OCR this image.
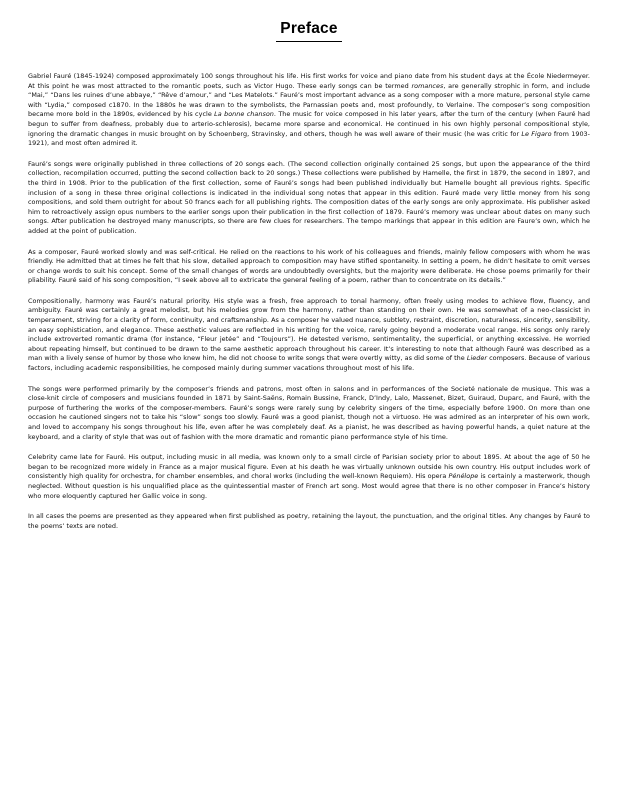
Preface

Gabriel Fauré (1845-1924) composed approximately 100 songs throughout his life. His first works for voice and piano date from his student days at the École Niedermeyer. At this point he was most attracted to the romantic poets, such as Victor Hugo. These early songs can be termed romances, are generally strophic in form, and include “Mai,” “Dans les ruines d’une abbaye,” “Rêve d’amour,” and “Les Matelots.” Fauré’s most important advance as a song composer with a more mature, personal style came with “Lydia,” composed c1870. In the 1880s he was drawn to the symbolists, the Parnassian poets and, most profoundly, to Verlaine. The composer’s song composition became more bold in the 1890s, evidenced by his cycle La bonne chanson. The music for voice composed in his later years, after the turn of the century (when Fauré had begun to suffer from deafness, probably due to arterio-schlerosis), became more sparse and economical. He continued in his own highly personal compositional style, ignoring the dramatic changes in music brought on by Schoenberg, Stravinsky, and others, though he was well aware of their music (he was critic for Le Figaro from 1903-1921), and most often admired it.

Fauré’s songs were originally published in three collections of 20 songs each. (The second collection originally contained 25 songs, but upon the appearance of the third collection, recompilation occurred, putting the second collection back to 20 songs.) These collections were published by Hamelle, the first in 1879, the second in 1897, and the third in 1908. Prior to the publication of the first collection, some of Fauré’s songs had been published individually but Hamelle bought all previous rights. Specific inclusion of a song in these three original collections is indicated in the individual song notes that appear in this edition. Fauré made very little money from his song compositions, and sold them outright for about 50 francs each for all publishing rights. The composition dates of the early songs are only approximate. His publisher asked him to retroactively assign opus numbers to the earlier songs upon their publication in the first collection of 1879. Fauré’s memory was unclear about dates on many such songs. After publication he destroyed many manuscripts, so there are few clues for researchers. The tempo markings that appear in this edition are Faure’s own, which he added at the point of publication.

As a composer, Fauré worked slowly and was self-critical. He relied on the reactions to his work of his colleagues and friends, mainly fellow composers with whom he was friendly. He admitted that at times he felt that his slow, detailed approach to composition may have stifled spontaneity. In setting a poem, he didn’t hesitate to omit verses or change words to suit his concept. Some of the small changes of words are undoubtedly oversights, but the majority were deliberate. He chose poems primarily for their pliability. Fauré said of his song composition, “I seek above all to extricate the general feeling of a poem, rather than to concentrate on its details.”

Compositionally, harmony was Fauré’s natural priority. His style was a fresh, free approach to tonal harmony, often freely using modes to achieve flow, fluency, and ambiguity. Fauré was certainly a great melodist, but his melodies grow from the harmony, rather than standing on their own. He was somewhat of a neo-classicist in temperament, striving for a clarity of form, continuity, and craftsmanship. As a composer he valued nuance, subtlety, restraint, discretion, naturalness, sincerity, sensibility, an easy sophistication, and elegance. These aesthetic values are reflected in his writing for the voice, rarely going beyond a moderate vocal range. His songs only rarely include extroverted romantic drama (for instance, “Fleur jetée” and “Toujours”). He detested verismo, sentimentality, the superficial, or anything excessive. He worried about repeating himself, but continued to be drawn to the same aesthetic approach throughout his career. It’s interesting to note that although Fauré was described as a man with a lively sense of humor by those who knew him, he did not choose to write songs that were overtly witty, as did some of the Lieder composers. Because of various factors, including academic responsibilities, he composed mainly during summer vacations throughout most of his life.

The songs were performed primarily by the composer’s friends and patrons, most often in salons and in performances of the Societé nationale de musique. This was a close-knit circle of composers and musicians founded in 1871 by Saint-Saëns, Romain Bussine, Franck, D’Indy, Lalo, Massenet, Bizet, Guiraud, Duparc, and Fauré, with the purpose of furthering the works of the composer-members. Fauré’s songs were rarely sung by celebrity singers of the time, especially before 1900. On more than one occasion he cautioned singers not to take his “slow” songs too slowly. Fauré was a good pianist, though not a virtuoso. He was admired as an interpreter of his own work, and loved to accompany his songs throughout his life, even after he was completely deaf. As a pianist, he was described as having powerful hands, a quiet nature at the keyboard, and a clarity of style that was out of fashion with the more dramatic and romantic piano performance style of his time.

Celebrity came late for Fauré. His output, including music in all media, was known only to a small circle of Parisian society prior to about 1895. At about the age of 50 he began to be recognized more widely in France as a major musical figure. Even at his death he was virtually unknown outside his own country. His output includes work of consistently high quality for orchestra, for chamber ensembles, and choral works (including the well-known Requiem). His opera Pénélope is certainly a masterwork, though neglected. Without question is his unqualified place as the quintessential master of French art song. Most would agree that there is no other composer in France’s history who more eloquently captured her Gallic voice in song.

In all cases the poems are presented as they appeared when first published as poetry, retaining the layout, the punctuation, and the original titles. Any changes by Fauré to the poems’ texts are noted.
